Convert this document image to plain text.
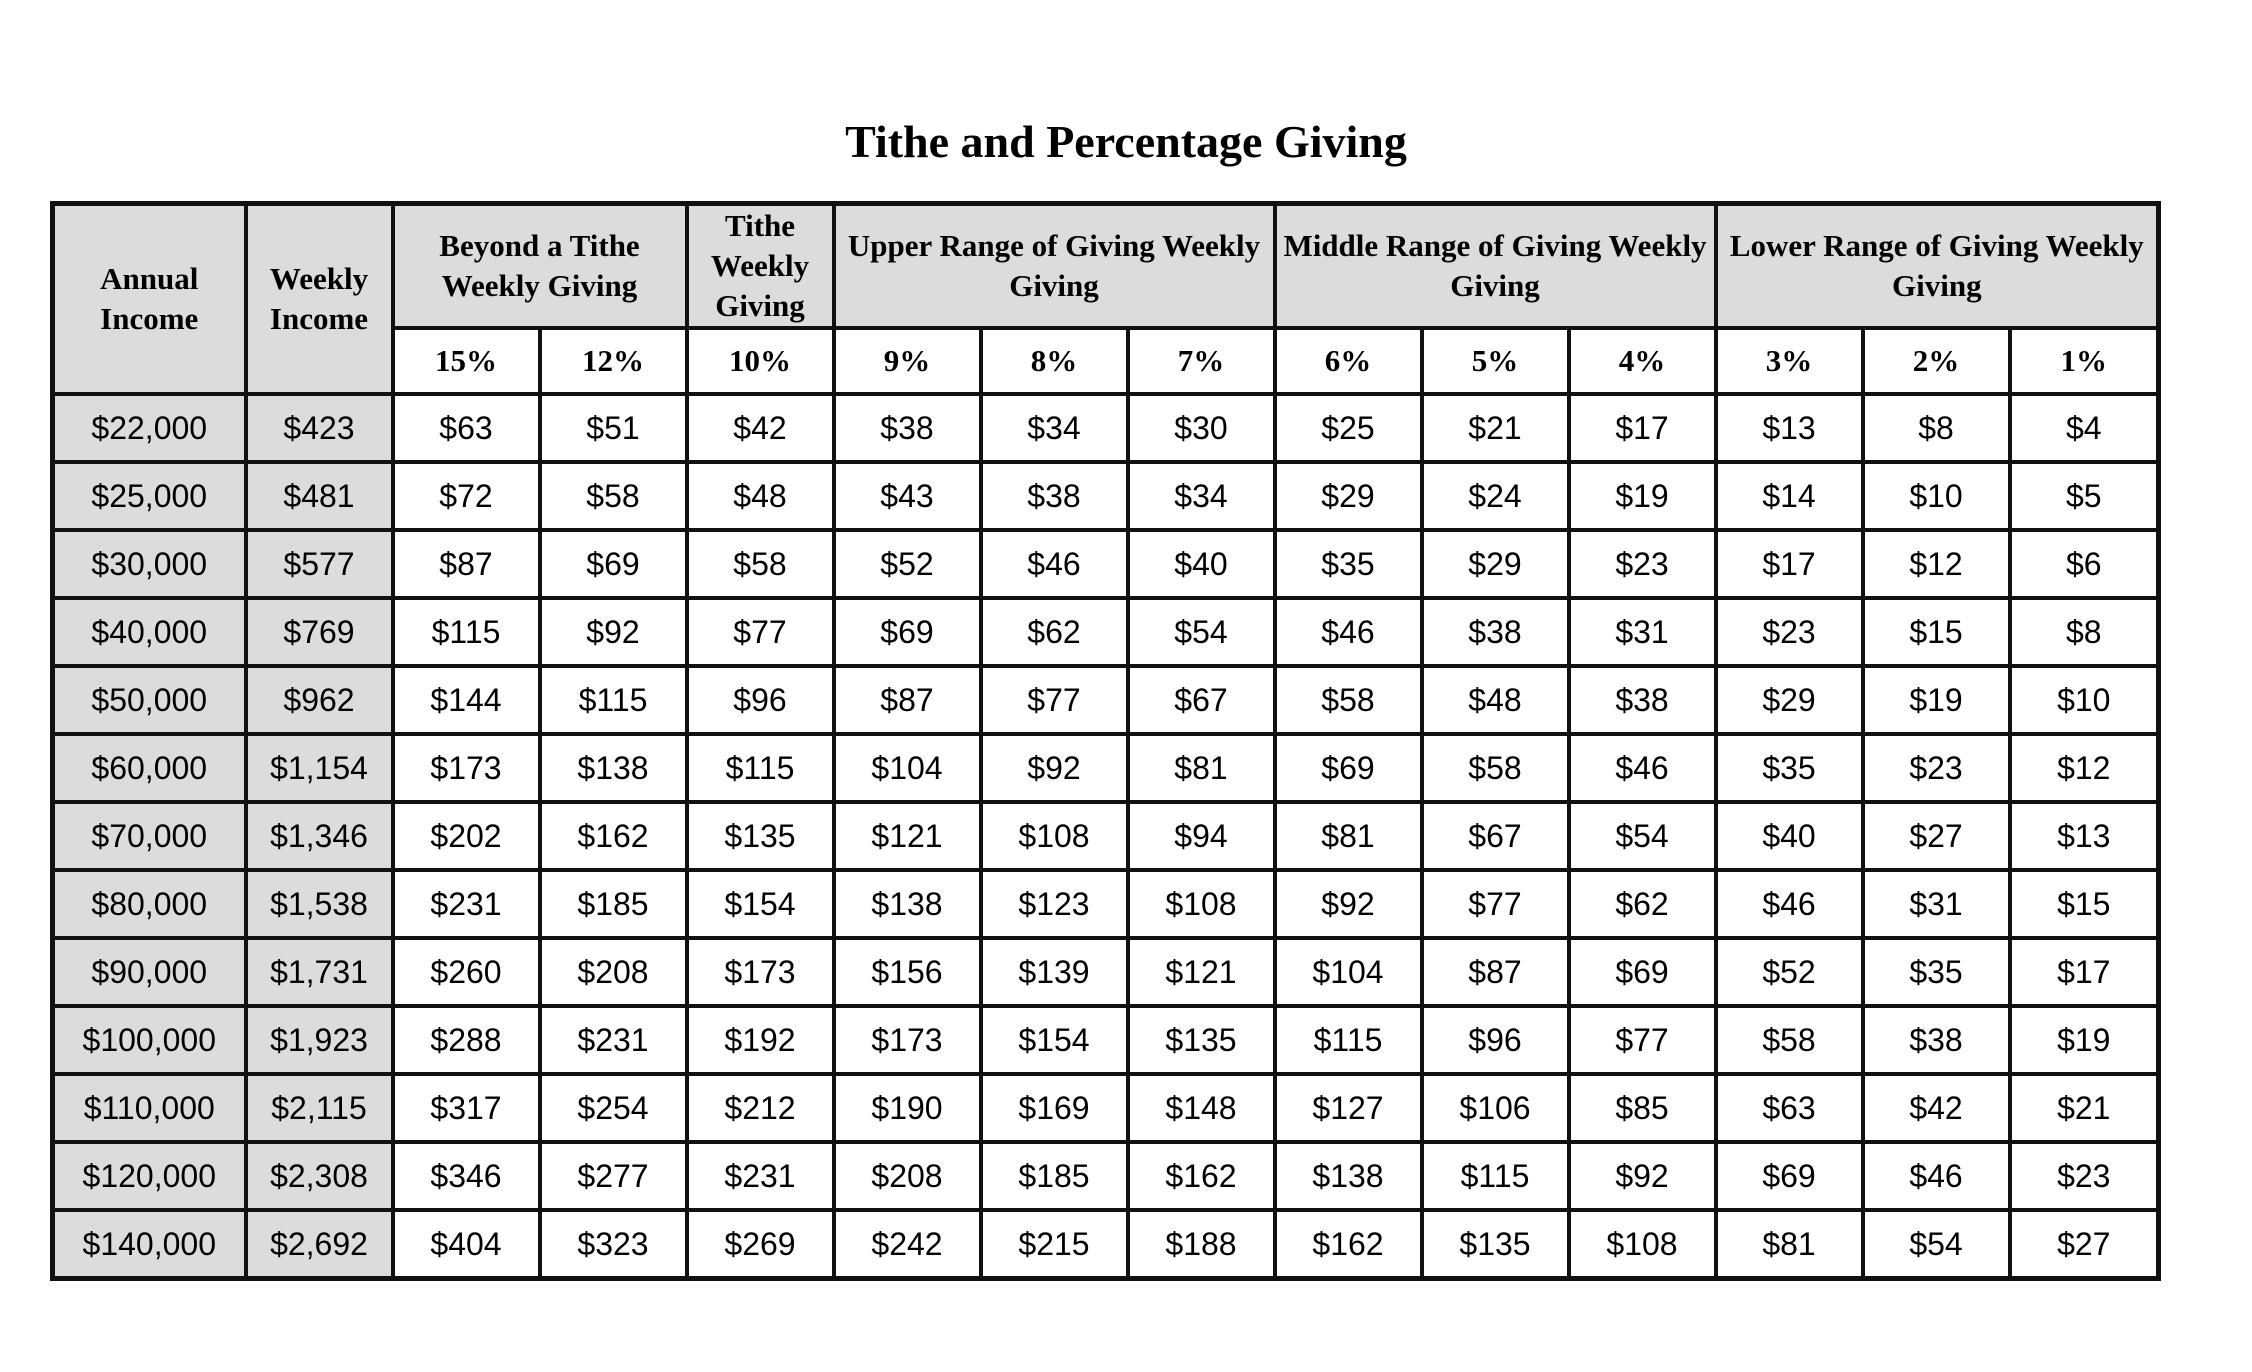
Tithe and Percentage Giving
Annual Income	Weekly Income	Beyond a Tithe Weekly Giving		Tithe Weekly Giving	Upper Range of Giving Weekly Giving			Middle Range of Giving Weekly Giving			Lower Range of Giving Weekly Giving		
		15%	12%	10%	9%	8%	7%	6%	5%	4%	3%	2%	1%
$22,000	$423	$63	$51	$42	$38	$34	$30	$25	$21	$17	$13	$8	$4
$25,000	$481	$72	$58	$48	$43	$38	$34	$29	$24	$19	$14	$10	$5
$30,000	$577	$87	$69	$58	$52	$46	$40	$35	$29	$23	$17	$12	$6
$40,000	$769	$115	$92	$77	$69	$62	$54	$46	$38	$31	$23	$15	$8
$50,000	$962	$144	$115	$96	$87	$77	$67	$58	$48	$38	$29	$19	$10
$60,000	$1,154	$173	$138	$115	$104	$92	$81	$69	$58	$46	$35	$23	$12
$70,000	$1,346	$202	$162	$135	$121	$108	$94	$81	$67	$54	$40	$27	$13
$80,000	$1,538	$231	$185	$154	$138	$123	$108	$92	$77	$62	$46	$31	$15
$90,000	$1,731	$260	$208	$173	$156	$139	$121	$104	$87	$69	$52	$35	$17
$100,000	$1,923	$288	$231	$192	$173	$154	$135	$115	$96	$77	$58	$38	$19
$110,000	$2,115	$317	$254	$212	$190	$169	$148	$127	$106	$85	$63	$42	$21
$120,000	$2,308	$346	$277	$231	$208	$185	$162	$138	$115	$92	$69	$46	$23
$140,000	$2,692	$404	$323	$269	$242	$215	$188	$162	$135	$108	$81	$54	$27
